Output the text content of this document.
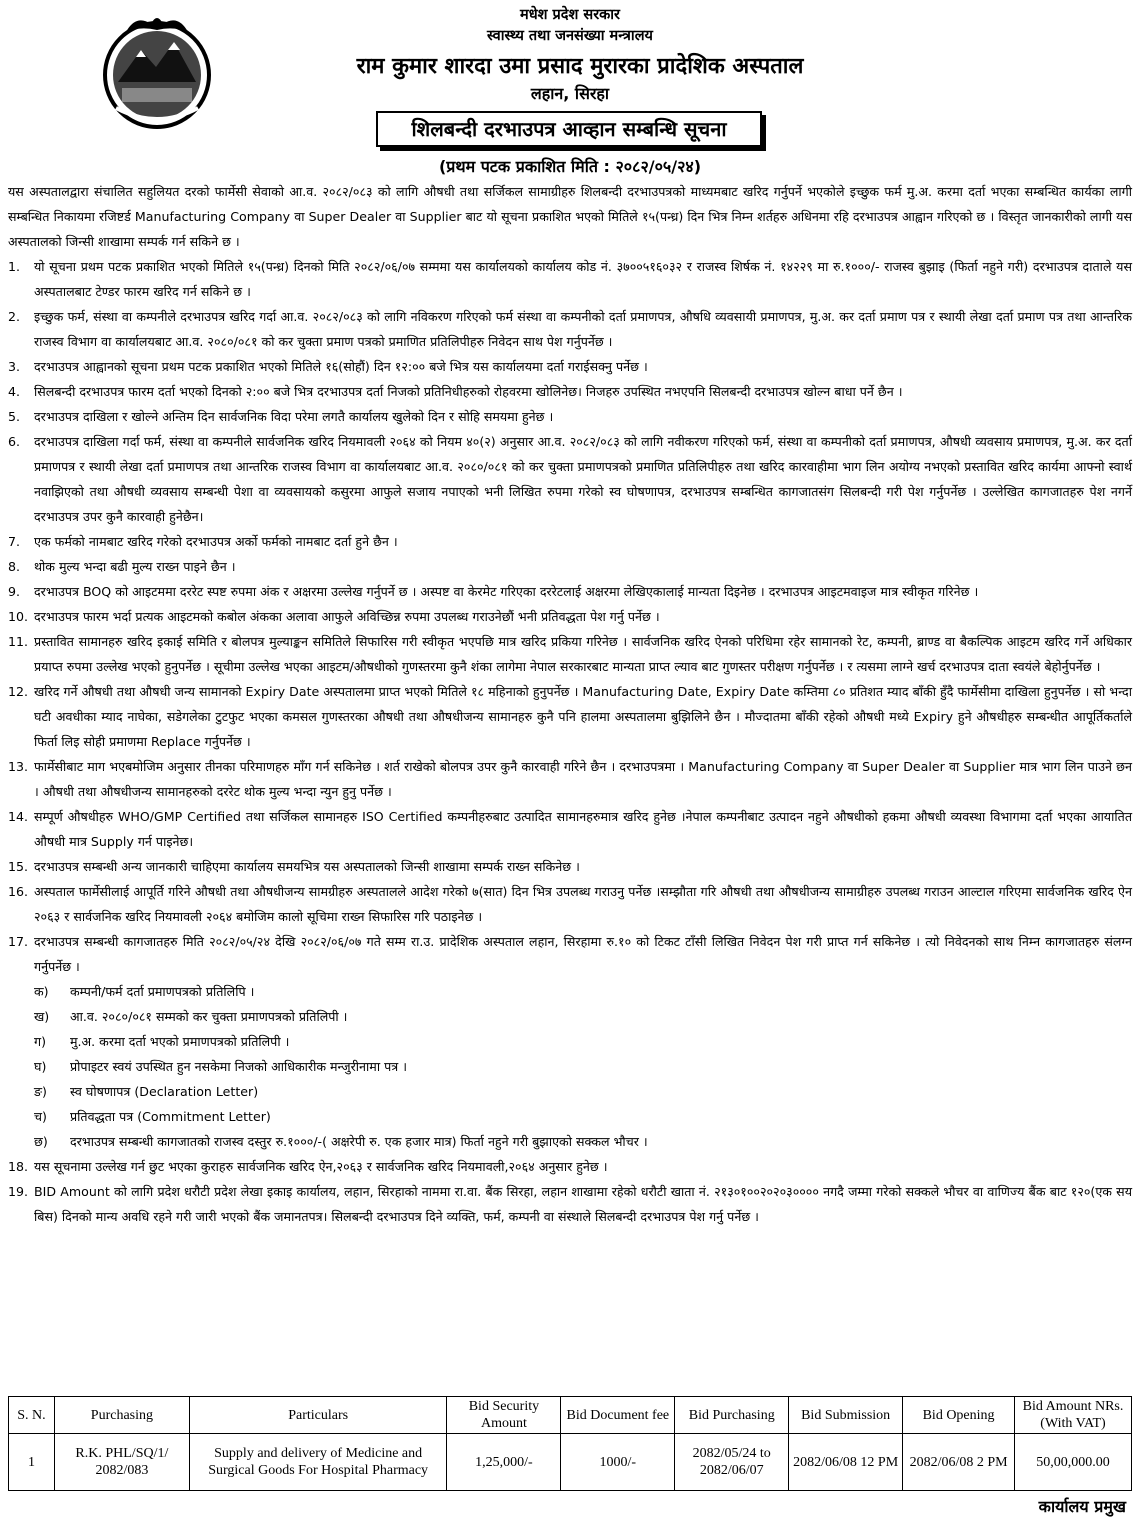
मधेश प्रदेश सरकार
स्वास्थ्य तथा जनसंख्या मन्त्रालय
राम कुमार शारदा उमा प्रसाद मुरारका प्रादेशिक अस्पताल
लहान, सिरहा
शिलबन्दी दरभाउपत्र आव्हान सम्बन्धि सूचना
(प्रथम पटक प्रकाशित मिति : २०८२/०५/२४)
यस अस्पतालद्वारा संचालित सहुलियत दरको फार्मेसी सेवाको आ.व. २०८२/०८३ को लागि औषधी तथा सर्जिकल सामाग्रीहरु शिलबन्दी दरभाउपत्रको माध्यमबाट खरिद गर्नुपर्ने भएकोले इच्छुक फर्म मु.अ. करमा दर्ता भएका सम्बन्धित कार्यका लागी सम्बन्धित निकायमा रजिष्टर्ड Manufacturing Company वा Super Dealer वा Supplier बाट यो सूचना प्रकाशित भएको मितिले १५(पन्ध्र) दिन भित्र निम्न शर्तहरु अधिनमा रहि दरभाउपत्र आह्वान गरिएको छ । विस्तृत जानकारीको लागी यस अस्पतालको जिन्सी शाखामा सम्पर्क गर्न सकिने छ ।
1.	यो सूचना प्रथम पटक प्रकाशित भएको मितिले १५(पन्ध्र) दिनको मिति २०८२/०६/०७ सम्ममा यस कार्यालयको कार्यालय कोड नं. ३७००५१६०३२ र राजस्व शिर्षक नं. १४२२९ मा रु.१०००/- राजस्व बुझाइ (फिर्ता नहुने गरी) दरभाउपत्र दाताले यस अस्पतालबाट टेण्डर फारम खरिद गर्न सकिने छ ।
2.	इच्छुक फर्म, संस्था वा कम्पनीले दरभाउपत्र खरिद गर्दा आ.व. २०८२/०८३ को लागि नविकरण गरिएको फर्म संस्था वा कम्पनीको दर्ता प्रमाणपत्र, औषधि व्यवसायी प्रमाणपत्र, मु.अ. कर दर्ता प्रमाण पत्र र स्थायी लेखा दर्ता प्रमाण पत्र तथा आन्तरिक राजस्व विभाग वा कार्यालयबाट आ.व. २०८०/०८१ को कर चुक्ता प्रमाण पत्रको प्रमाणित प्रतिलिपीहरु निवेदन साथ पेश गर्नुपर्नेछ ।
3.	दरभाउपत्र आह्वानको सूचना प्रथम पटक प्रकाशित भएको मितिले १६(सोहौं) दिन १२:०० बजे भित्र यस कार्यालयमा दर्ता गराईसक्नु पर्नेछ ।
4.	सिलबन्दी दरभाउपत्र फारम दर्ता भएको दिनको २:०० बजे भित्र दरभाउपत्र दर्ता निजको प्रतिनिधीहरुको रोहवरमा खोलिनेछ। निजहरु उपस्थित नभएपनि सिलबन्दी दरभाउपत्र खोल्न बाधा पर्ने छैन ।
5.	दरभाउपत्र दाखिला र खोल्ने अन्तिम दिन सार्वजनिक विदा परेमा लगतै कार्यालय खुलेको दिन र सोहि समयमा हुनेछ ।
6.	दरभाउपत्र दाखिला गर्दा फर्म, संस्था वा कम्पनीले सार्वजनिक खरिद नियमावली २०६४ को नियम ४०(२) अनुसार आ.व. २०८२/०८३ को लागि नवीकरण गरिएको फर्म, संस्था वा कम्पनीको दर्ता प्रमाणपत्र, औषधी व्यवसाय प्रमाणपत्र, मु.अ. कर दर्ता प्रमाणपत्र र स्थायी लेखा दर्ता प्रमाणपत्र तथा आन्तरिक राजस्व विभाग वा कार्यालयबाट आ.व. २०८०/०८१ को कर चुक्ता प्रमाणपत्रको प्रमाणित प्रतिलिपीहरु तथा खरिद कारवाहीमा भाग लिन अयोग्य नभएको प्रस्तावित खरिद कार्यमा आफ्नो स्वार्थ नवाझिएको तथा औषधी व्यवसाय सम्बन्धी पेशा वा व्यवसायको कसुरमा आफुले सजाय नपाएको भनी लिखित रुपमा गरेको स्व घोषणापत्र, दरभाउपत्र सम्बन्धित कागजातसंग सिलबन्दी गरी पेश गर्नुपर्नेछ । उल्लेखित कागजातहरु पेश नगर्ने दरभाउपत्र उपर कुनै कारवाही हुनेछैन।
7.	एक फर्मको नामबाट खरिद गरेको दरभाउपत्र अर्को फर्मको नामबाट दर्ता हुने छैन ।
8.	थोक मुल्य भन्दा बढी मुल्य राख्न पाइने छैन ।
9.	दरभाउपत्र BOQ को आइटममा दररेट स्पष्ट रुपमा अंक र अक्षरमा उल्लेख गर्नुपर्ने छ । अस्पष्ट वा केरमेट गरिएका दररेटलाई अक्षरमा लेखिएकालाई मान्यता दिइनेछ । दरभाउपत्र आइटमवाइज मात्र स्वीकृत गरिनेछ ।
10. दरभाउपत्र फारम भर्दा प्रत्यक आइटमको कबोल अंकका अलावा आफुले अविच्छिन्न रुपमा उपलब्ध गराउनेछौं भनी प्रतिवद्धता पेश गर्नु पर्नेछ ।
11. प्रस्तावित सामानहरु खरिद इकाई समिति र बोलपत्र मुल्याङ्कन समितिले सिफारिस गरी स्वीकृत भएपछि मात्र खरिद प्रकिया गरिनेछ । सार्वजनिक खरिद ऐनको परिधिमा रहेर सामानको रेट, कम्पनी, ब्राण्ड वा बैकल्पिक आइटम खरिद गर्ने अधिकार प्रयाप्त रुपमा उल्लेख भएको हुनुपर्नेछ । सूचीमा उल्लेख भएका आइटम/औषधीको गुणस्तरमा कुनै शंका लागेमा नेपाल सरकारबाट मान्यता प्राप्त ल्याव बाट गुणस्तर परीक्षण गर्नुपर्नेछ । र त्यसमा लाग्ने खर्च दरभाउपत्र दाता स्वयंले बेहोर्नुपर्नेछ ।
12. खरिद गर्ने औषधी तथा औषधी जन्य सामानको Expiry Date अस्पतालमा प्राप्त भएको मितिले १८ महिनाको हुनुपर्नेछ । Manufacturing Date, Expiry Date कम्तिमा ८० प्रतिशत म्याद बाँकी हुँदै फार्मेसीमा दाखिला हुनुपर्नेछ । सो भन्दा घटी अवधीका म्याद नाघेका, सडेगलेका टुटफुट भएका कमसल गुणस्तरका औषधी तथा औषधीजन्य सामानहरु कुनै पनि हालमा अस्पतालमा बुझिलिने छैन । मौज्दातमा बाँकी रहेको औषधी मध्ये Expiry हुने औषधीहरु सम्बन्धीत आपूर्तिकर्ताले फिर्ता लिइ सोही प्रमाणमा Replace गर्नुपर्नेछ ।
13. फार्मेसीबाट माग भएबमोजिम अनुसार तीनका परिमाणहरु माँग गर्न सकिनेछ । शर्त राखेको बोलपत्र उपर कुनै कारवाही गरिने छैन । दरभाउपत्रमा । Manufacturing Company वा Super Dealer वा Supplier मात्र भाग लिन पाउने छन । औषधी तथा औषधीजन्य सामानहरुको दररेट थोक मुल्य भन्दा न्युन हुनु पर्नेछ ।
14. सम्पूर्ण औषधीहरु WHO/GMP Certified तथा सर्जिकल सामानहरु ISO Certified कम्पनीहरुबाट उत्पादित सामानहरुमात्र खरिद हुनेछ ।नेपाल कम्पनीबाट उत्पादन नहुने औषधीको हकमा औषधी व्यवस्था विभागमा दर्ता भएका आयातित औषधी मात्र Supply गर्न पाइनेछ।
15. दरभाउपत्र सम्बन्धी अन्य जानकारी चाहिएमा कार्यालय समयभित्र यस अस्पतालको जिन्सी शाखामा सम्पर्क राख्न सकिनेछ ।
16. अस्पताल फार्मेसीलाई आपूर्ति गरिने औषधी तथा औषधीजन्य सामग्रीहरु अस्पतालले आदेश गरेको ७(सात) दिन भित्र उपलब्ध गराउनु पर्नेछ ।सम्झौता गरि औषधी तथा औषधीजन्य सामाग्रीहरु उपलब्ध गराउन आल्टाल गरिएमा सार्वजनिक खरिद ऐन २०६३ र सार्वजनिक खरिद नियमावली २०६४ बमोजिम कालो सूचिमा राख्न सिफारिस गरि पठाइनेछ ।
17. दरभाउपत्र सम्बन्धी कागजातहरु मिति २०८२/०५/२४ देखि २०८२/०६/०७ गते सम्म रा.उ. प्रादेशिक अस्पताल लहान, सिरहामा रु.१० को टिकट टाँसी लिखित निवेदन पेश गरी प्राप्त गर्न सकिनेछ । त्यो निवेदनको साथ निम्न कागजातहरु संलग्न गर्नुपर्नेछ ।
क)	कम्पनी/फर्म दर्ता प्रमाणपत्रको प्रतिलिपि ।
ख)	आ.व. २०८०/०८१ सम्मको कर चुक्ता प्रमाणपत्रको प्रतिलिपी ।
ग)	मु.अ. करमा दर्ता भएको प्रमाणपत्रको प्रतिलिपी ।
घ)	प्रोपाइटर स्वयं उपस्थित हुन नसकेमा निजको आधिकारीक मन्जुरीनामा पत्र ।
ङ)	स्व घोषणापत्र (Declaration Letter)
च)	प्रतिवद्धता पत्र (Commitment Letter)
छ)	दरभाउपत्र सम्बन्धी कागजातको राजस्व दस्तुर रु.१०००/-( अक्षरेपी रु. एक हजार मात्र) फिर्ता नहुने गरी बुझाएको सक्कल भौचर ।
18. यस सूचनामा उल्लेख गर्न छुट भएका कुराहरु सार्वजनिक खरिद ऐन,२०६३ र सार्वजनिक खरिद नियमावली,२०६४ अनुसार हुनेछ ।
19. BID Amount को लागि प्रदेश धरौटी प्रदेश लेखा इकाइ कार्यालय, लहान, सिरहाको नाममा रा.वा. बैंक सिरहा, लहान शाखामा रहेको धरौटी खाता नं. २१३०१००२०२०३०००० नगदै जम्मा गरेको सक्कले भौचर वा वाणिज्य बैंक बाट १२०(एक सय बिस) दिनको मान्य अवधि रहने गरी जारी भएको बैंक जमानतपत्र। सिलबन्दी दरभाउपत्र दिने व्यक्ति, फर्म, कम्पनी वा संस्थाले सिलबन्दी दरभाउपत्र पेश गर्नु पर्नेछ ।
S. N.	Purchasing	Particulars	Bid Security Amount	Bid Document fee	Bid Purchasing	Bid Submission	Bid Opening	Bid Amount NRs. (With VAT)
1	R.K. PHL/SQ/1/ 2082/083	Supply and delivery of Medicine and Surgical Goods For Hospital Pharmacy	1,25,000/-	1000/-	2082/05/24 to 2082/06/07	2082/06/08 12 PM	2082/06/08 2 PM	50,00,000.00
कार्यालय प्रमुख
